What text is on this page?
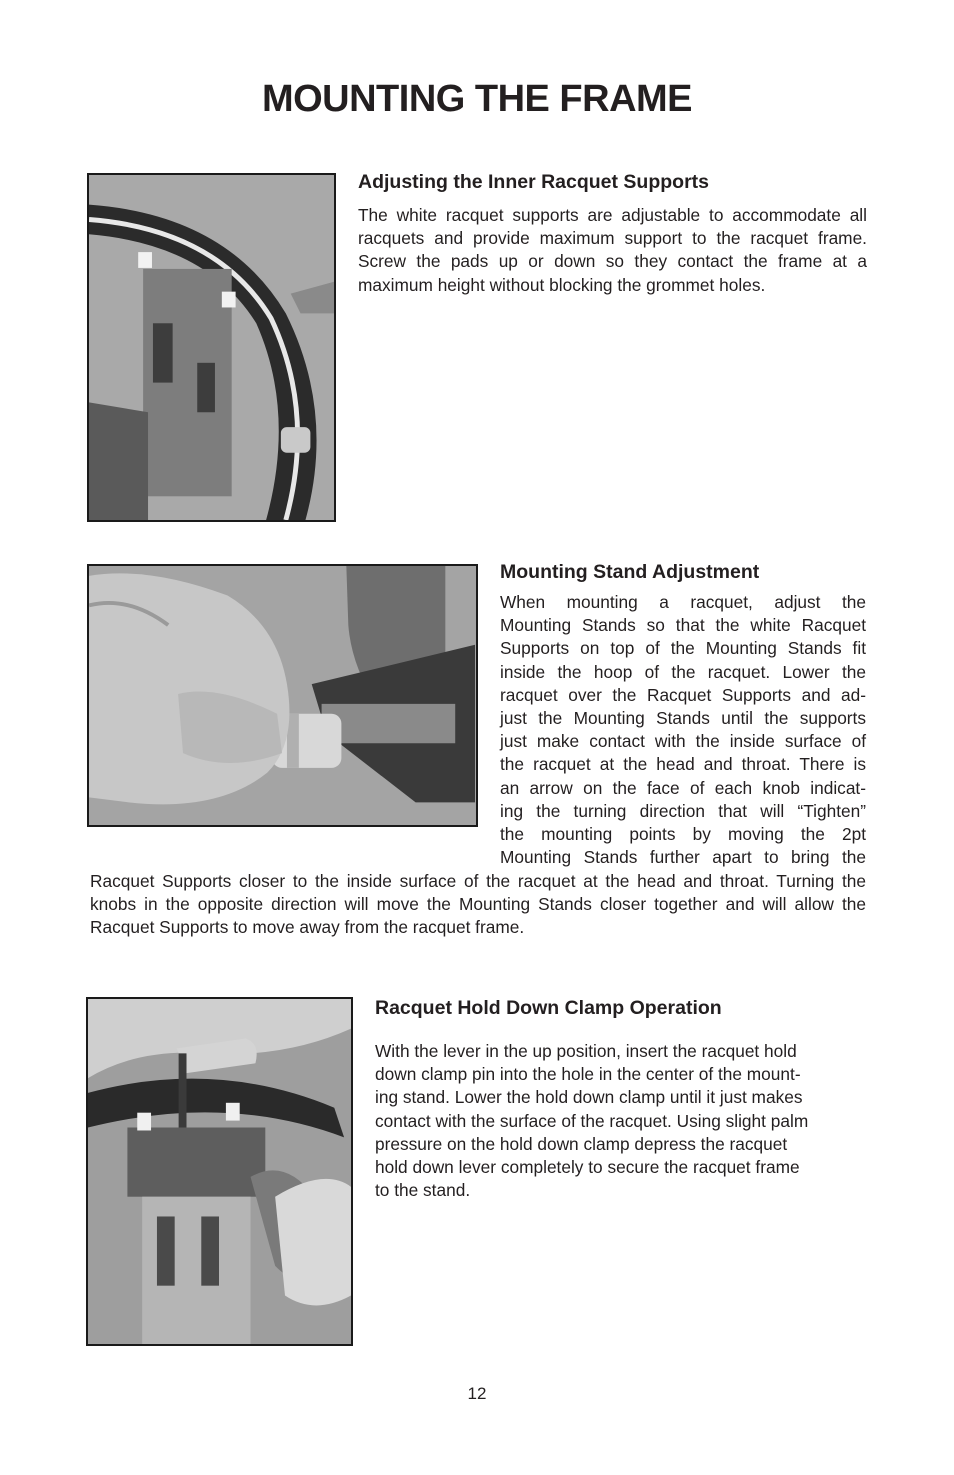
MOUNTING THE FRAME
Adjusting the Inner Racquet Supports

The white racquet supports are adjustable to accommodate all racquets and provide maximum support to the racquet frame. Screw the pads up or down so they contact the frame at a maximum height without blocking the grommet holes.

Mounting Stand Adjustment
When mounting a racquet, adjust the
Mounting Stands so that the white Racquet
Supports on top of the Mounting Stands fit
inside the hoop of the racquet. Lower the
racquet over the Racquet Supports and ad-
just the Mounting Stands until the supports
just make contact with the inside surface of
the racquet at the head and throat. There is
an arrow on the face of each knob indicat-
ing the turning direction that will “Tighten”
the mounting points by moving the 2pt
Mounting Stands further apart to bring the

Racquet Supports closer to the inside surface of the racquet at the head and throat. Turning the knobs in the opposite direction will move the Mounting Stands closer together and will allow the Racquet Supports to move away from the racquet frame.

Racquet Hold Down Clamp Operation
With the lever in the up position, insert the racquet hold
down clamp pin into the hole in the center of the mount-
ing stand. Lower the hold down clamp until it just makes
contact with the surface of the racquet. Using slight palm
pressure on the hold down clamp depress the racquet
hold down lever completely to secure the racquet frame
to the stand.
12
